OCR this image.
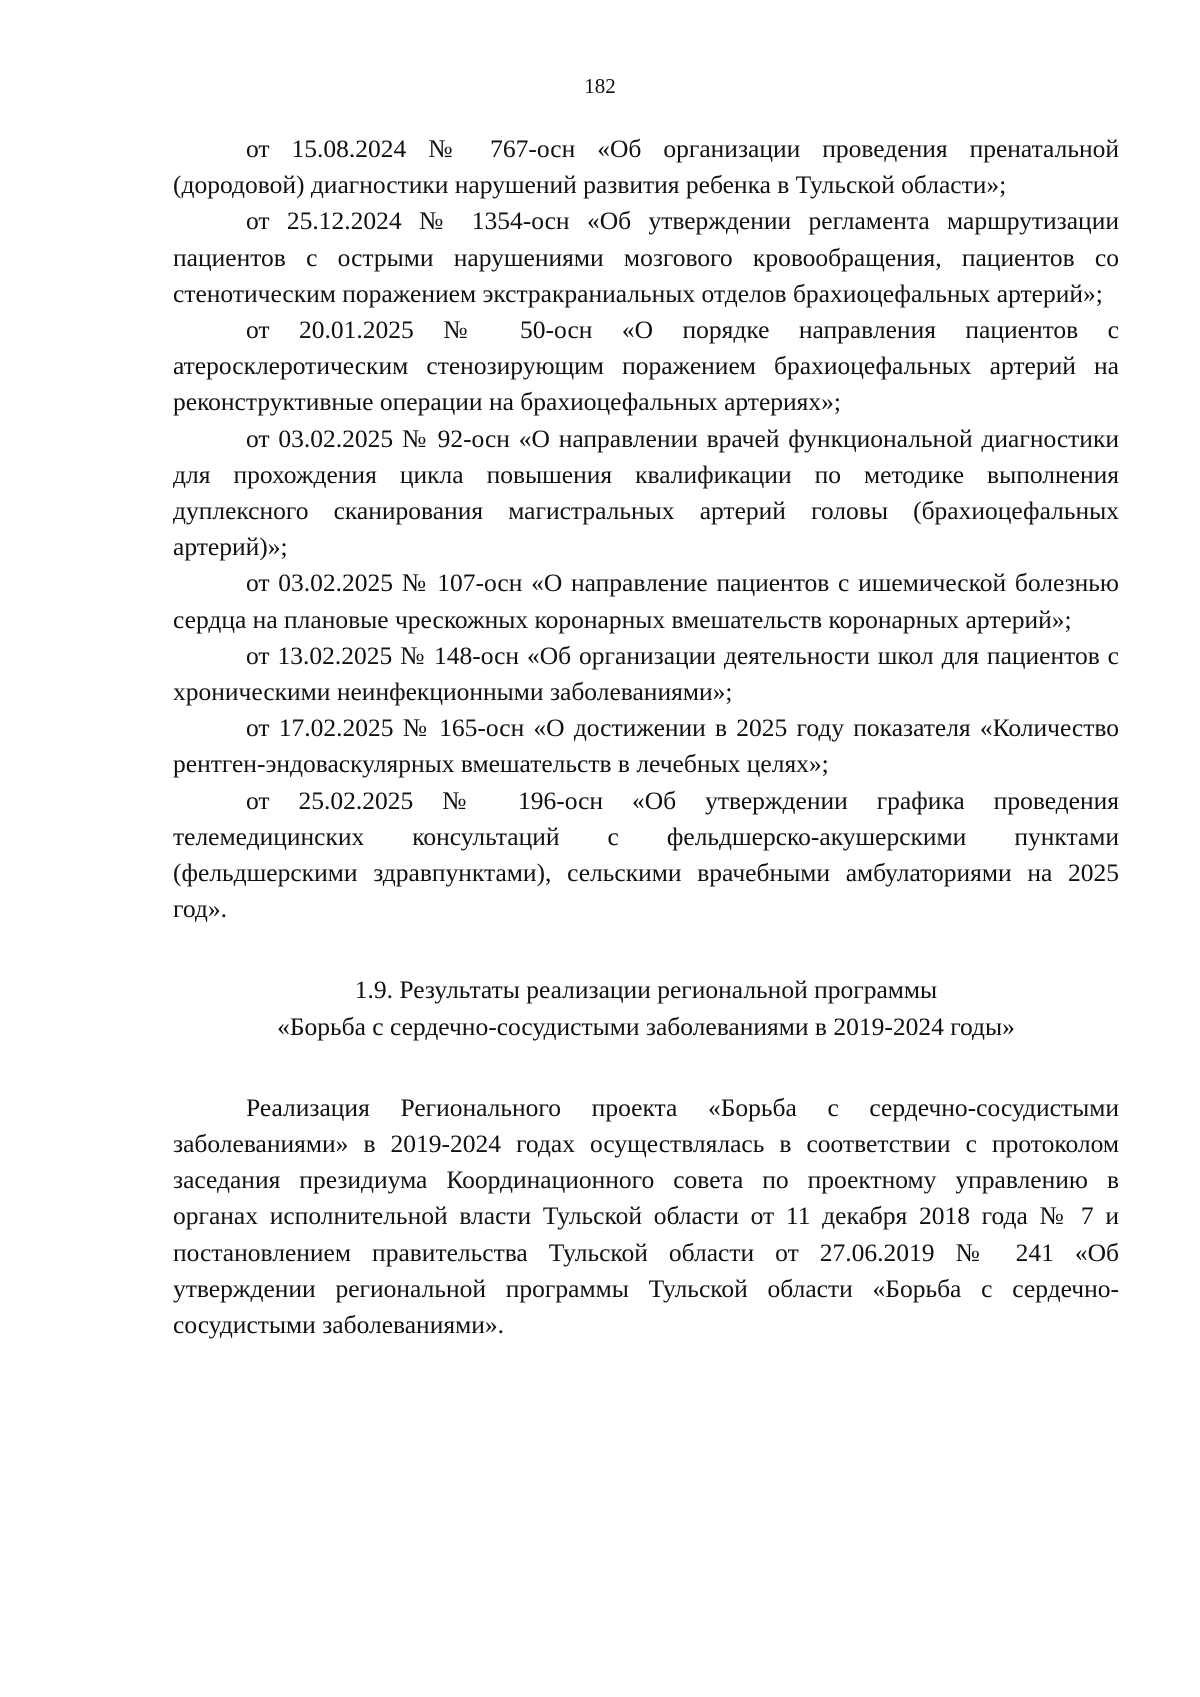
182

от 15.08.2024 № 767-осн «Об организации проведения пренатальной (дородовой) диагностики нарушений развития ребенка в Тульской области»;

от 25.12.2024 № 1354-осн «Об утверждении регламента маршрутизации пациентов с острыми нарушениями мозгового кровообращения, пациентов со стенотическим поражением экстракраниальных отделов брахиоцефальных артерий»;

от 20.01.2025 № 50-осн «О порядке направления пациентов с атеросклеротическим стенозирующим поражением брахиоцефальных артерий на реконструктивные операции на брахиоцефальных артериях»;

от 03.02.2025 № 92-осн «О направлении врачей функциональной диагностики для прохождения цикла повышения квалификации по методике выполнения дуплексного сканирования магистральных артерий головы (брахиоцефальных артерий)»;

от 03.02.2025 № 107-осн «О направление пациентов с ишемической болезнью сердца на плановые чрескожных коронарных вмешательств коронарных артерий»;

от 13.02.2025 № 148-осн «Об организации деятельности школ для пациентов с хроническими неинфекционными заболеваниями»;

от 17.02.2025 № 165-осн «О достижении в 2025 году показателя «Количество рентген-эндоваскулярных вмешательств в лечебных целях»;

от 25.02.2025 № 196-осн «Об утверждении графика проведения телемедицинских консультаций с фельдшерско-акушерскими пунктами (фельдшерскими здравпунктами), сельскими врачебными амбулаториями на 2025 год».

1.9. Результаты реализации региональной программы
«Борьба с сердечно-сосудистыми заболеваниями в 2019-2024 годы»

Реализация Регионального проекта «Борьба с сердечно-сосудистыми заболеваниями» в 2019-2024 годах осуществлялась в соответствии с протоколом заседания президиума Координационного совета по проектному управлению в органах исполнительной власти Тульской области от 11 декабря 2018 года № 7 и постановлением правительства Тульской области от 27.06.2019 № 241 «Об утверждении региональной программы Тульской области «Борьба с сердечно-сосудистыми заболеваниями».
